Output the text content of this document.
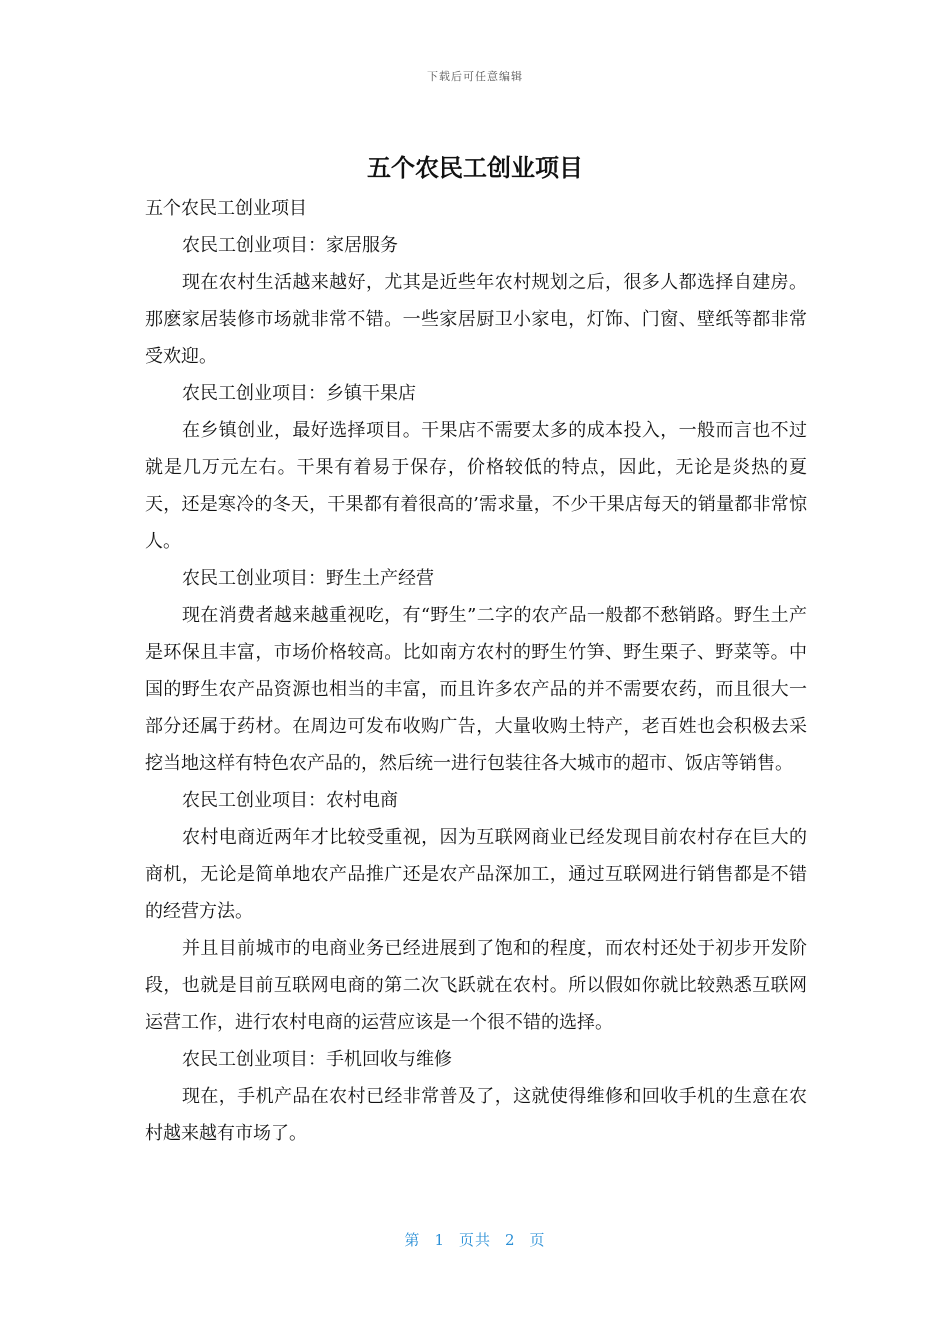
下载后可任意编辑
五个农民工创业项目

五个农民工创业项目

农民工创业项目：家居服务

现在农村生活越来越好，尤其是近些年农村规划之后，很多人都选择自建房。那麽家居装修市场就非常不错。一些家居厨卫小家电，灯饰、门窗、壁纸等都非常受欢迎。

农民工创业项目：乡镇干果店

在乡镇创业，最好选择项目。干果店不需要太多的成本投入，一般而言也不过就是几万元左右。干果有着易于保存，价格较低的特点，因此，无论是炎热的夏天，还是寒冷的冬天，干果都有着很高的’需求量，不少干果店每天的销量都非常惊人。

农民工创业项目：野生土产经营

现在消费者越来越重视吃，有“野生”二字的农产品一般都不愁销路。野生土产是环保且丰富，市场价格较高。比如南方农村的野生竹笋、野生栗子、野菜等。中国的野生农产品资源也相当的丰富，而且许多农产品的并不需要农药，而且很大一部分还属于药材。在周边可发布收购广告，大量收购土特产，老百姓也会积极去采挖当地这样有特色农产品的，然后统一进行包装往各大城市的超市、饭店等销售。

农民工创业项目：农村电商

农村电商近两年才比较受重视，因为互联网商业已经发现目前农村存在巨大的商机，无论是简单地农产品推广还是农产品深加工，通过互联网进行销售都是不错的经营方法。

并且目前城市的电商业务已经进展到了饱和的程度，而农村还处于初步开发阶段，也就是目前互联网电商的第二次飞跃就在农村。所以假如你就比较熟悉互联网运营工作，进行农村电商的运营应该是一个很不错的选择。

农民工创业项目：手机回收与维修

现在，手机产品在农村已经非常普及了，这就使得维修和回收手机的生意在农村越来越有市场了。

第 1 页共 2 页
